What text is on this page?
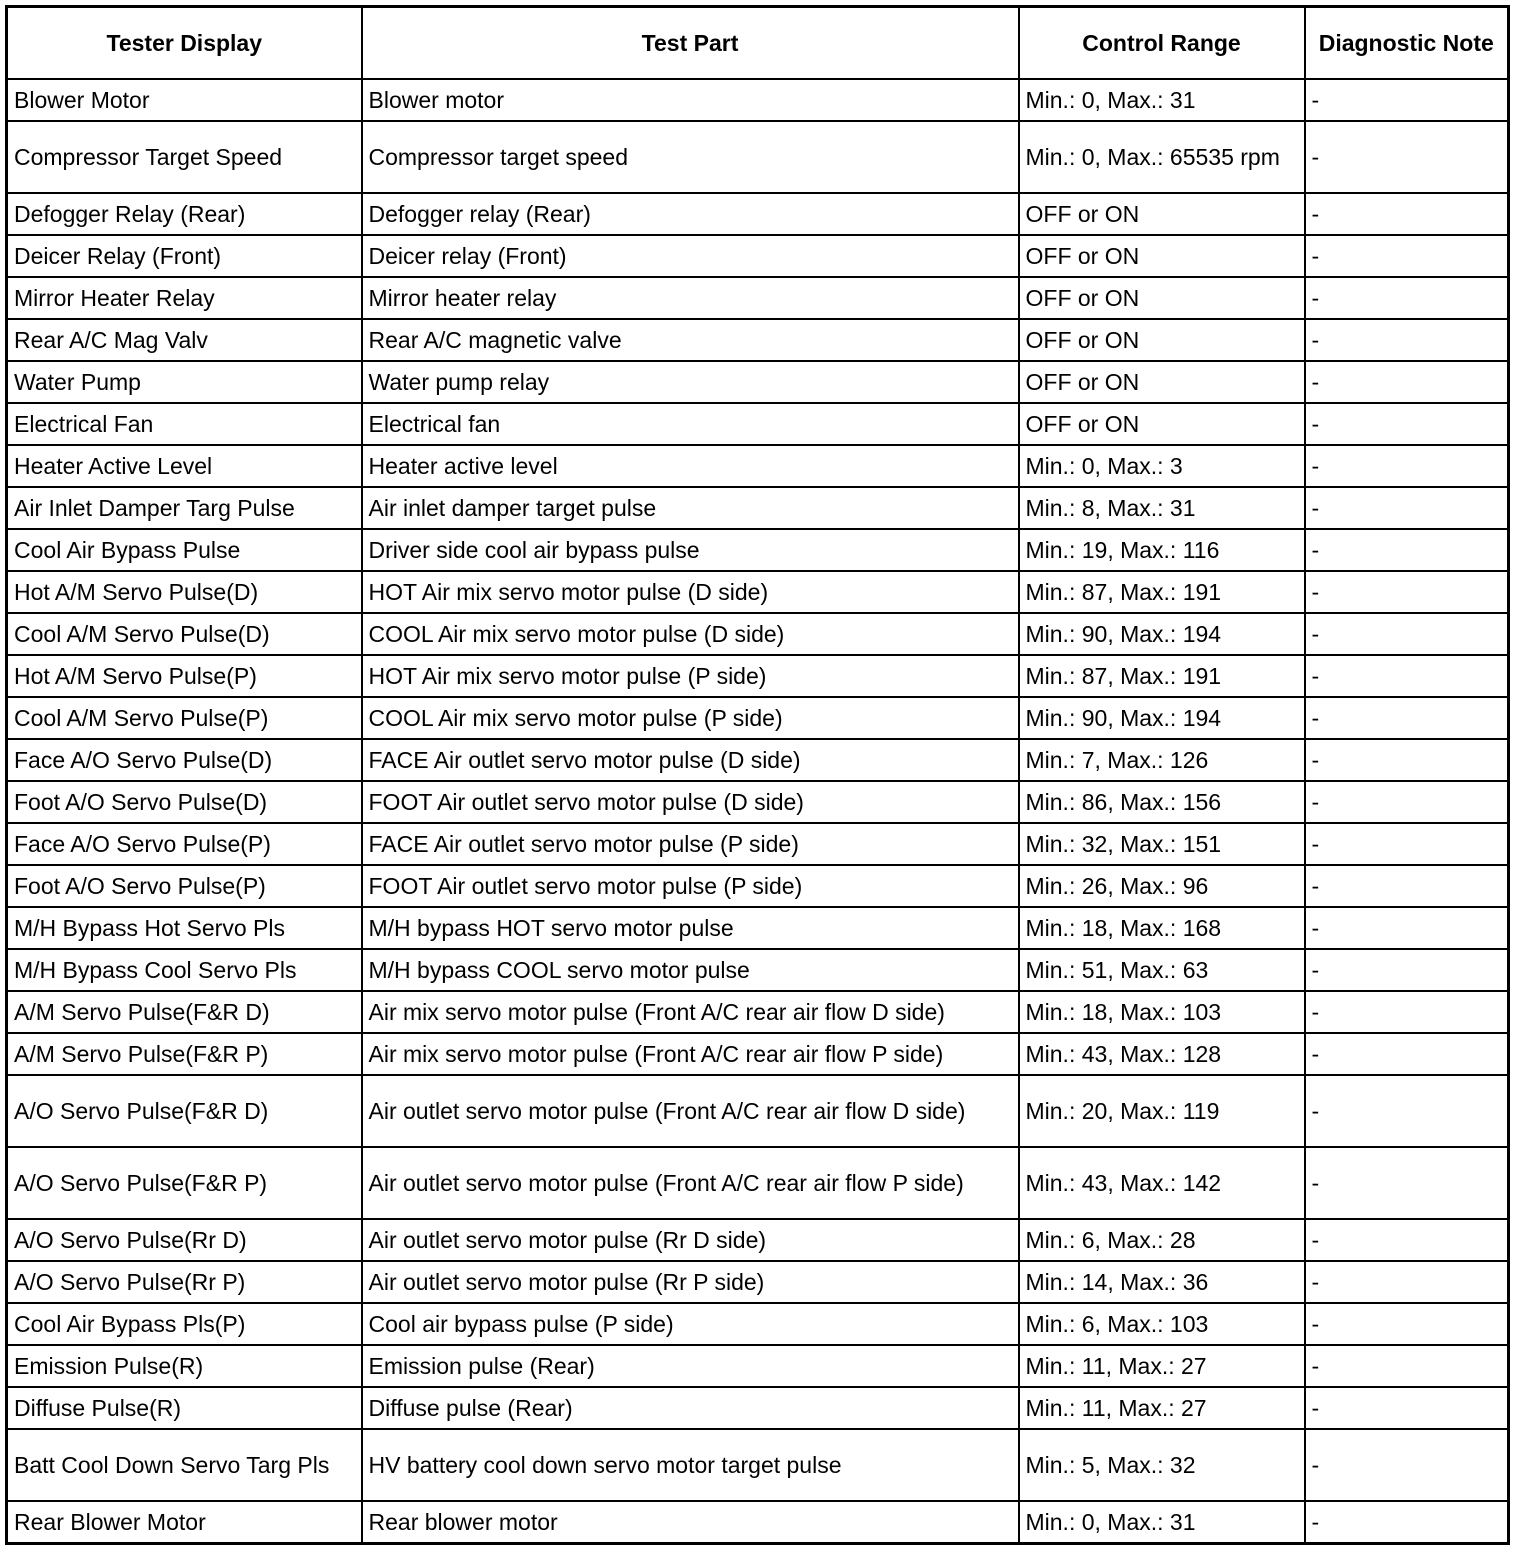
Tester Display	Test Part	Control Range	Diagnostic Note
Blower Motor	Blower motor	Min.: 0, Max.: 31	-
Compressor Target Speed	Compressor target speed	Min.: 0, Max.: 65535 rpm	-
Defogger Relay (Rear)	Defogger relay (Rear)	OFF or ON	-
Deicer Relay (Front)	Deicer relay (Front)	OFF or ON	-
Mirror Heater Relay	Mirror heater relay	OFF or ON	-
Rear A/C Mag Valv	Rear A/C magnetic valve	OFF or ON	-
Water Pump	Water pump relay	OFF or ON	-
Electrical Fan	Electrical fan	OFF or ON	-
Heater Active Level	Heater active level	Min.: 0, Max.: 3	-
Air Inlet Damper Targ Pulse	Air inlet damper target pulse	Min.: 8, Max.: 31	-
Cool Air Bypass Pulse	Driver side cool air bypass pulse	Min.: 19, Max.: 116	-
Hot A/M Servo Pulse(D)	HOT Air mix servo motor pulse (D side)	Min.: 87, Max.: 191	-
Cool A/M Servo Pulse(D)	COOL Air mix servo motor pulse (D side)	Min.: 90, Max.: 194	-
Hot A/M Servo Pulse(P)	HOT Air mix servo motor pulse (P side)	Min.: 87, Max.: 191	-
Cool A/M Servo Pulse(P)	COOL Air mix servo motor pulse (P side)	Min.: 90, Max.: 194	-
Face A/O Servo Pulse(D)	FACE Air outlet servo motor pulse (D side)	Min.: 7, Max.: 126	-
Foot A/O Servo Pulse(D)	FOOT Air outlet servo motor pulse (D side)	Min.: 86, Max.: 156	-
Face A/O Servo Pulse(P)	FACE Air outlet servo motor pulse (P side)	Min.: 32, Max.: 151	-
Foot A/O Servo Pulse(P)	FOOT Air outlet servo motor pulse (P side)	Min.: 26, Max.: 96	-
M/H Bypass Hot Servo Pls	M/H bypass HOT servo motor pulse	Min.: 18, Max.: 168	-
M/H Bypass Cool Servo Pls	M/H bypass COOL servo motor pulse	Min.: 51, Max.: 63	-
A/M Servo Pulse(F&R D)	Air mix servo motor pulse (Front A/C rear air flow D side)	Min.: 18, Max.: 103	-
A/M Servo Pulse(F&R P)	Air mix servo motor pulse (Front A/C rear air flow P side)	Min.: 43, Max.: 128	-
A/O Servo Pulse(F&R D)	Air outlet servo motor pulse (Front A/C rear air flow D side)	Min.: 20, Max.: 119	-
A/O Servo Pulse(F&R P)	Air outlet servo motor pulse (Front A/C rear air flow P side)	Min.: 43, Max.: 142	-
A/O Servo Pulse(Rr D)	Air outlet servo motor pulse (Rr D side)	Min.: 6, Max.: 28	-
A/O Servo Pulse(Rr P)	Air outlet servo motor pulse (Rr P side)	Min.: 14, Max.: 36	-
Cool Air Bypass Pls(P)	Cool air bypass pulse (P side)	Min.: 6, Max.: 103	-
Emission Pulse(R)	Emission pulse (Rear)	Min.: 11, Max.: 27	-
Diffuse Pulse(R)	Diffuse pulse (Rear)	Min.: 11, Max.: 27	-
Batt Cool Down Servo Targ Pls	HV battery cool down servo motor target pulse	Min.: 5, Max.: 32	-
Rear Blower Motor	Rear blower motor	Min.: 0, Max.: 31	-
